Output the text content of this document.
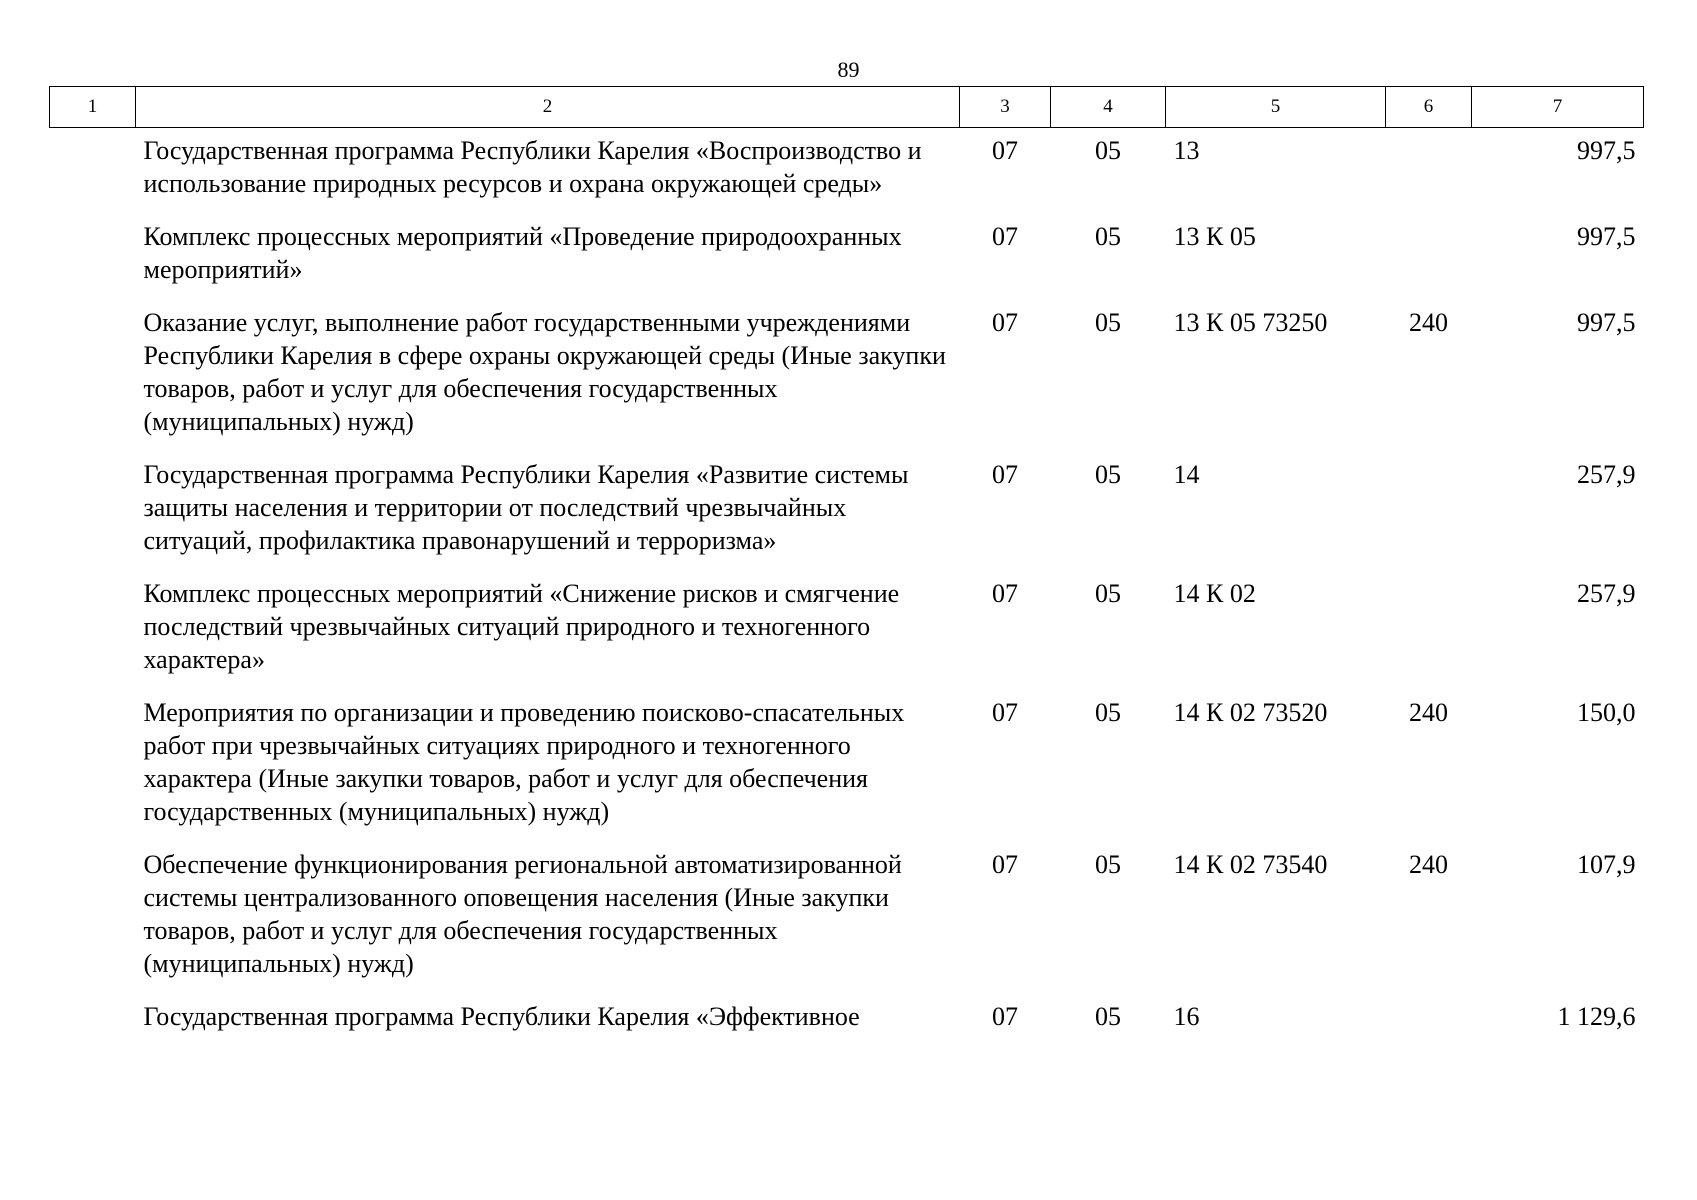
89
1	2	3	4	5	6	7
	Государственная программа Республики Карелия «Воспроизводство и использование природных ресурсов и охрана окружающей среды»	07	05	13		997,5
	Комплекс процессных мероприятий «Проведение природоохранных мероприятий»	07	05	13 К 05		997,5
	Оказание услуг, выполнение работ государственными учреждениями Республики Карелия в сфере охраны окружающей среды (Иные закупки товаров, работ и услуг для обеспечения государственных (муниципальных) нужд)	07	05	13 К 05 73250	240	997,5
	Государственная программа Республики Карелия «Развитие системы защиты населения и территории от последствий чрезвычайных ситуаций, профилактика правонарушений и терроризма»	07	05	14		257,9
	Комплекс процессных мероприятий «Снижение рисков и смягчение последствий чрезвычайных ситуаций природного и техногенного характера»	07	05	14 К 02		257,9
	Мероприятия по организации и проведению поисково-спасательных работ при чрезвычайных ситуациях природного и техногенного характера (Иные закупки товаров, работ и услуг для обеспечения государственных (муниципальных) нужд)	07	05	14 К 02 73520	240	150,0
	Обеспечение функционирования региональной автоматизированной системы централизованного оповещения населения (Иные закупки товаров, работ и услуг для обеспечения государственных (муниципальных) нужд)	07	05	14 К 02 73540	240	107,9
	Государственная программа Республики Карелия «Эффективное	07	05	16		1 129,6
